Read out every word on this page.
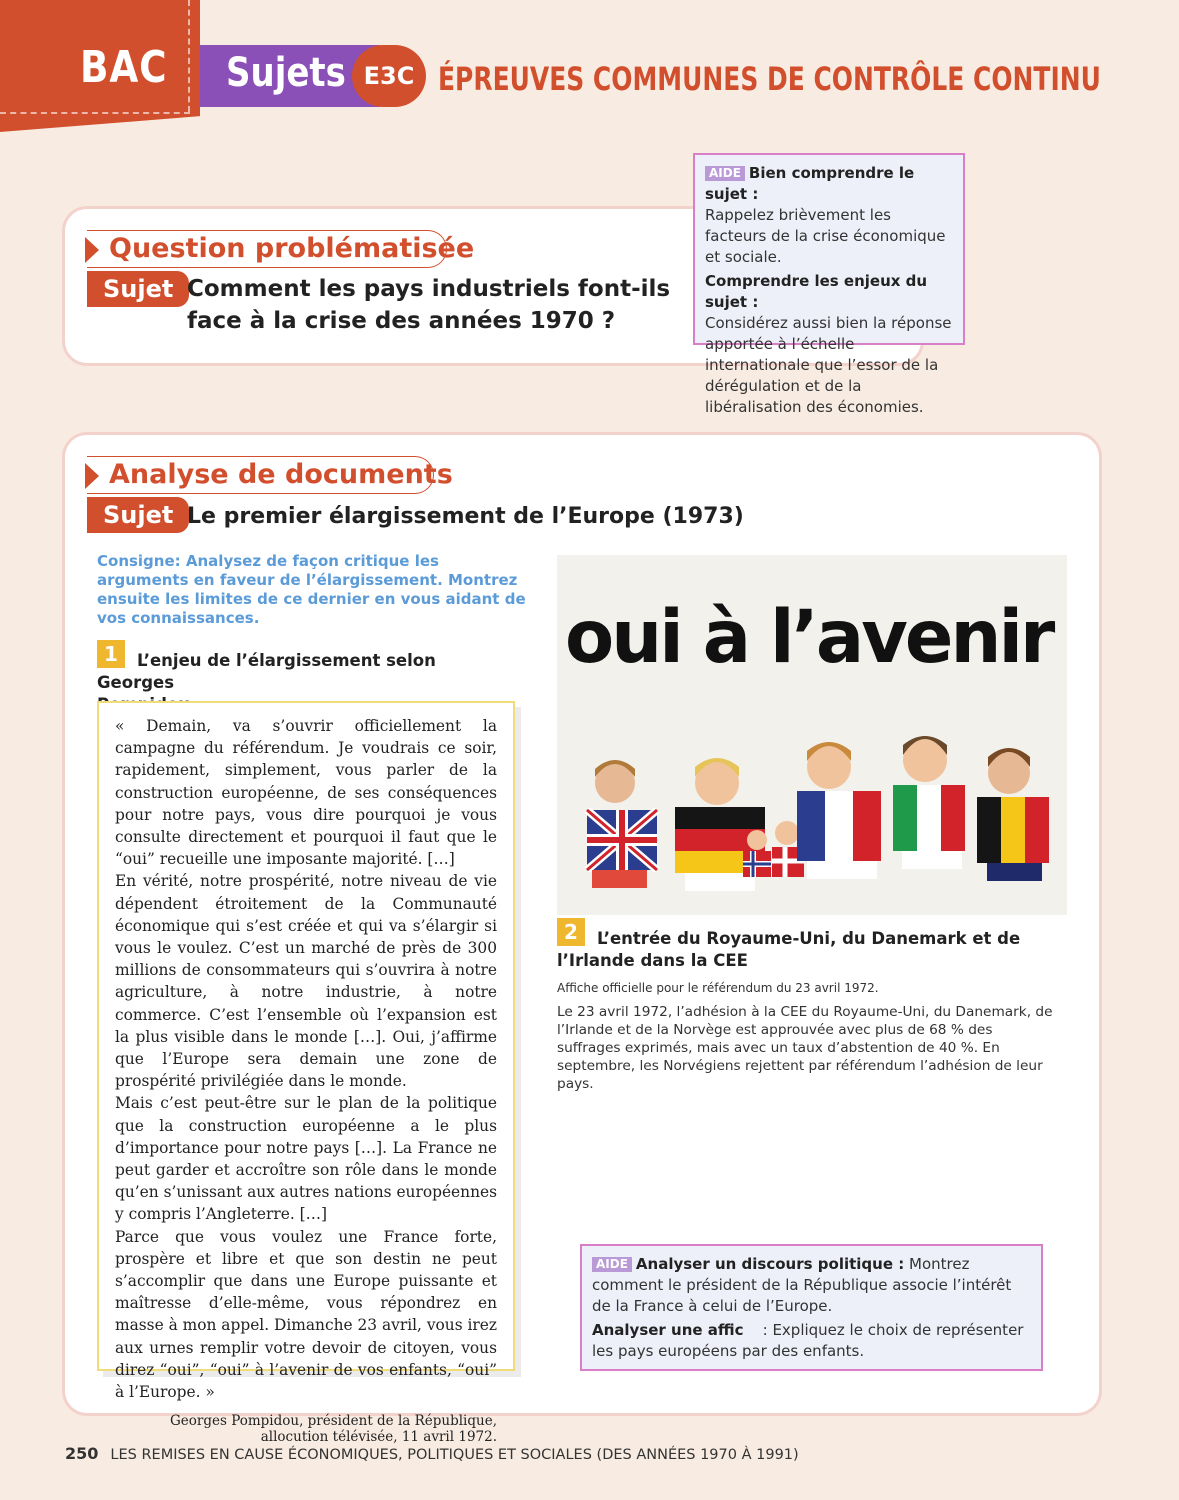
BAC Sujets E3C ÉPREUVES COMMUNES DE CONTRÔLE CONTINU
Question problématisée
Sujet Comment les pays industriels font-ils
face à la crise des années 1970 ?
AIDE Bien comprendre le sujet :
Rappelez brièvement les facteurs de la crise économique et sociale.
Comprendre les enjeux du sujet :
Considérez aussi bien la réponse apportée à l’échelle internationale que l’essor de la dérégulation et de la libéralisation des économies.
Analyse de documents
Sujet Le premier élargissement de l’Europe (1973)
Consigne: Analysez de façon critique les arguments en faveur de l’élargissement. Montrez ensuite les limites de ce dernier en vous aidant de vos connaissances.
1	L’enjeu de l’élargissement selon Georges

« Demain, va s’ouvrir officiellement la campagne du référendum. Je voudrais ce soir, rapidement, simplement, vous parler de la construction européenne, de ses conséquences pour notre pays, vous dire pourquoi je vous consulte directement et pourquoi il faut que le “oui” recueille une imposante majorité. […]

En vérité, notre prospérité, notre niveau de vie dépendent étroitement de la Communauté économique qui s’est créée et qui va s’élargir si vous le voulez. C’est un marché de près de 300 millions de consommateurs qui s’ouvrira à notre agriculture, à notre industrie, à notre commerce. C’est l’ensemble où l’expansion est la plus visible dans le monde […]. Oui, j’affirme que l’Europe sera demain une zone de prospérité privilégiée dans le monde.

Mais c’est peut-être sur le plan de la politique que la construction européenne a le plus d’importance pour notre pays […]. La France ne peut garder et accroître son rôle dans le monde qu’en s’unissant aux autres nations européennes y compris l’Angleterre. […]

Parce que vous voulez une France forte, prospère et libre et que son destin ne peut s’accomplir que dans une Europe puissante et maîtresse d’elle-même, vous répondrez en masse à mon appel. Dimanche 23 avril, vous irez aux urnes remplir votre devoir de citoyen, vous direz “oui”, “oui” à l’avenir de vos enfants, “oui” à l’Europe. »

Georges Pompidou, président de la République,
allocution télévisée, 11 avril 1972.
oui à l’avenir
2	L’entrée du Royaume-Uni, du Danemark et de
l’Irlande dans la CEE
Affiche officielle pour le référendum du 23 avril 1972.
Le 23 avril 1972, l’adhésion à la CEE du Royaume-Uni, du Danemark, de l’Irlande et de la Norvège est approuvée avec plus de 68 % des suffrages exprimés, mais avec un taux d’abstention de 40 %. En septembre, les Norvégiens rejettent par référendum l’adhésion de leur pays.
AIDE Analyser un discours politique : Montrez comment le président de la République associe l’intérêt de la France à celui de l’Europe.
Analyser une affic : Expliquez le choix de représenter les pays européens par des enfants.
250 LES REMISES EN CAUSE ÉCONOMIQUES, POLITIQUES ET SOCIALES (DES ANNÉES 1970 À 1991)
